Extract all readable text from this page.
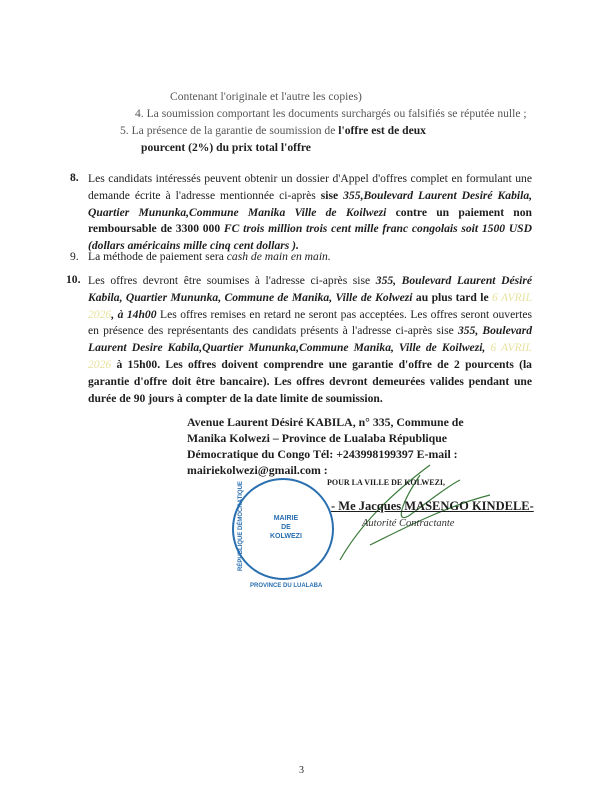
Contenant l'originale et l'autre les copies)
4. La soumission comportant les documents surchargés ou falsifiés se réputée nulle ;
5. La présence de la garantie de soumission de l'offre est de deux
pourcent (2%) du prix total l'offre
8. Les candidats intéressés peuvent obtenir un dossier d'Appel d'offres complet en formulant une demande écrite à l'adresse mentionnée ci-après sise 355,Boulevard Laurent Desiré Kabila, Quartier Mununka,Commune Manika Ville de Koilwezi contre un paiement non remboursable de 3300 000 FC trois million trois cent mille franc congolais soit 1500 USD (dollars américains mille cinq cent dollars ).
9. La méthode de paiement sera cash de main en main.
10. Les offres devront être soumises à l'adresse ci-après sise 355, Boulevard Laurent Désiré Kabila, Quartier Mununka, Commune de Manika, Ville de Kolwezi au plus tard le 6 AVRIL 2026, à 14h00 Les offres remises en retard ne seront pas acceptées. Les offres seront ouvertes en présence des représentants des candidats présents à l'adresse ci-après sise 355, Boulevard Laurent Desire Kabila,Quartier Mununka,Commune Manika, Ville de Koilwezi, 6 AVRIL 2026 à 15h00. Les offres doivent comprendre une garantie d'offre de 2 pourcents (la garantie d'offre doit être bancaire). Les offres devront demeurées valides pendant une durée de 90 jours à compter de la date limite de soumission.
Avenue Laurent Désiré KABILA, n° 335, Commune de
Manika Kolwezi – Province de Lualaba République
Démocratique du Congo Tél: +243998199397 E-mail :
mairiekolwezi@gmail.com :
MAIRIE
DE
KOLWEZI
RÉPUBLIQUE DÉMOCRATIQUE
PROVINCE DU LUALABA
POUR LA VILLE DE KOLWEZI,
- Me Jacques MASENGO KINDELE-
Autorité Contractante
3
